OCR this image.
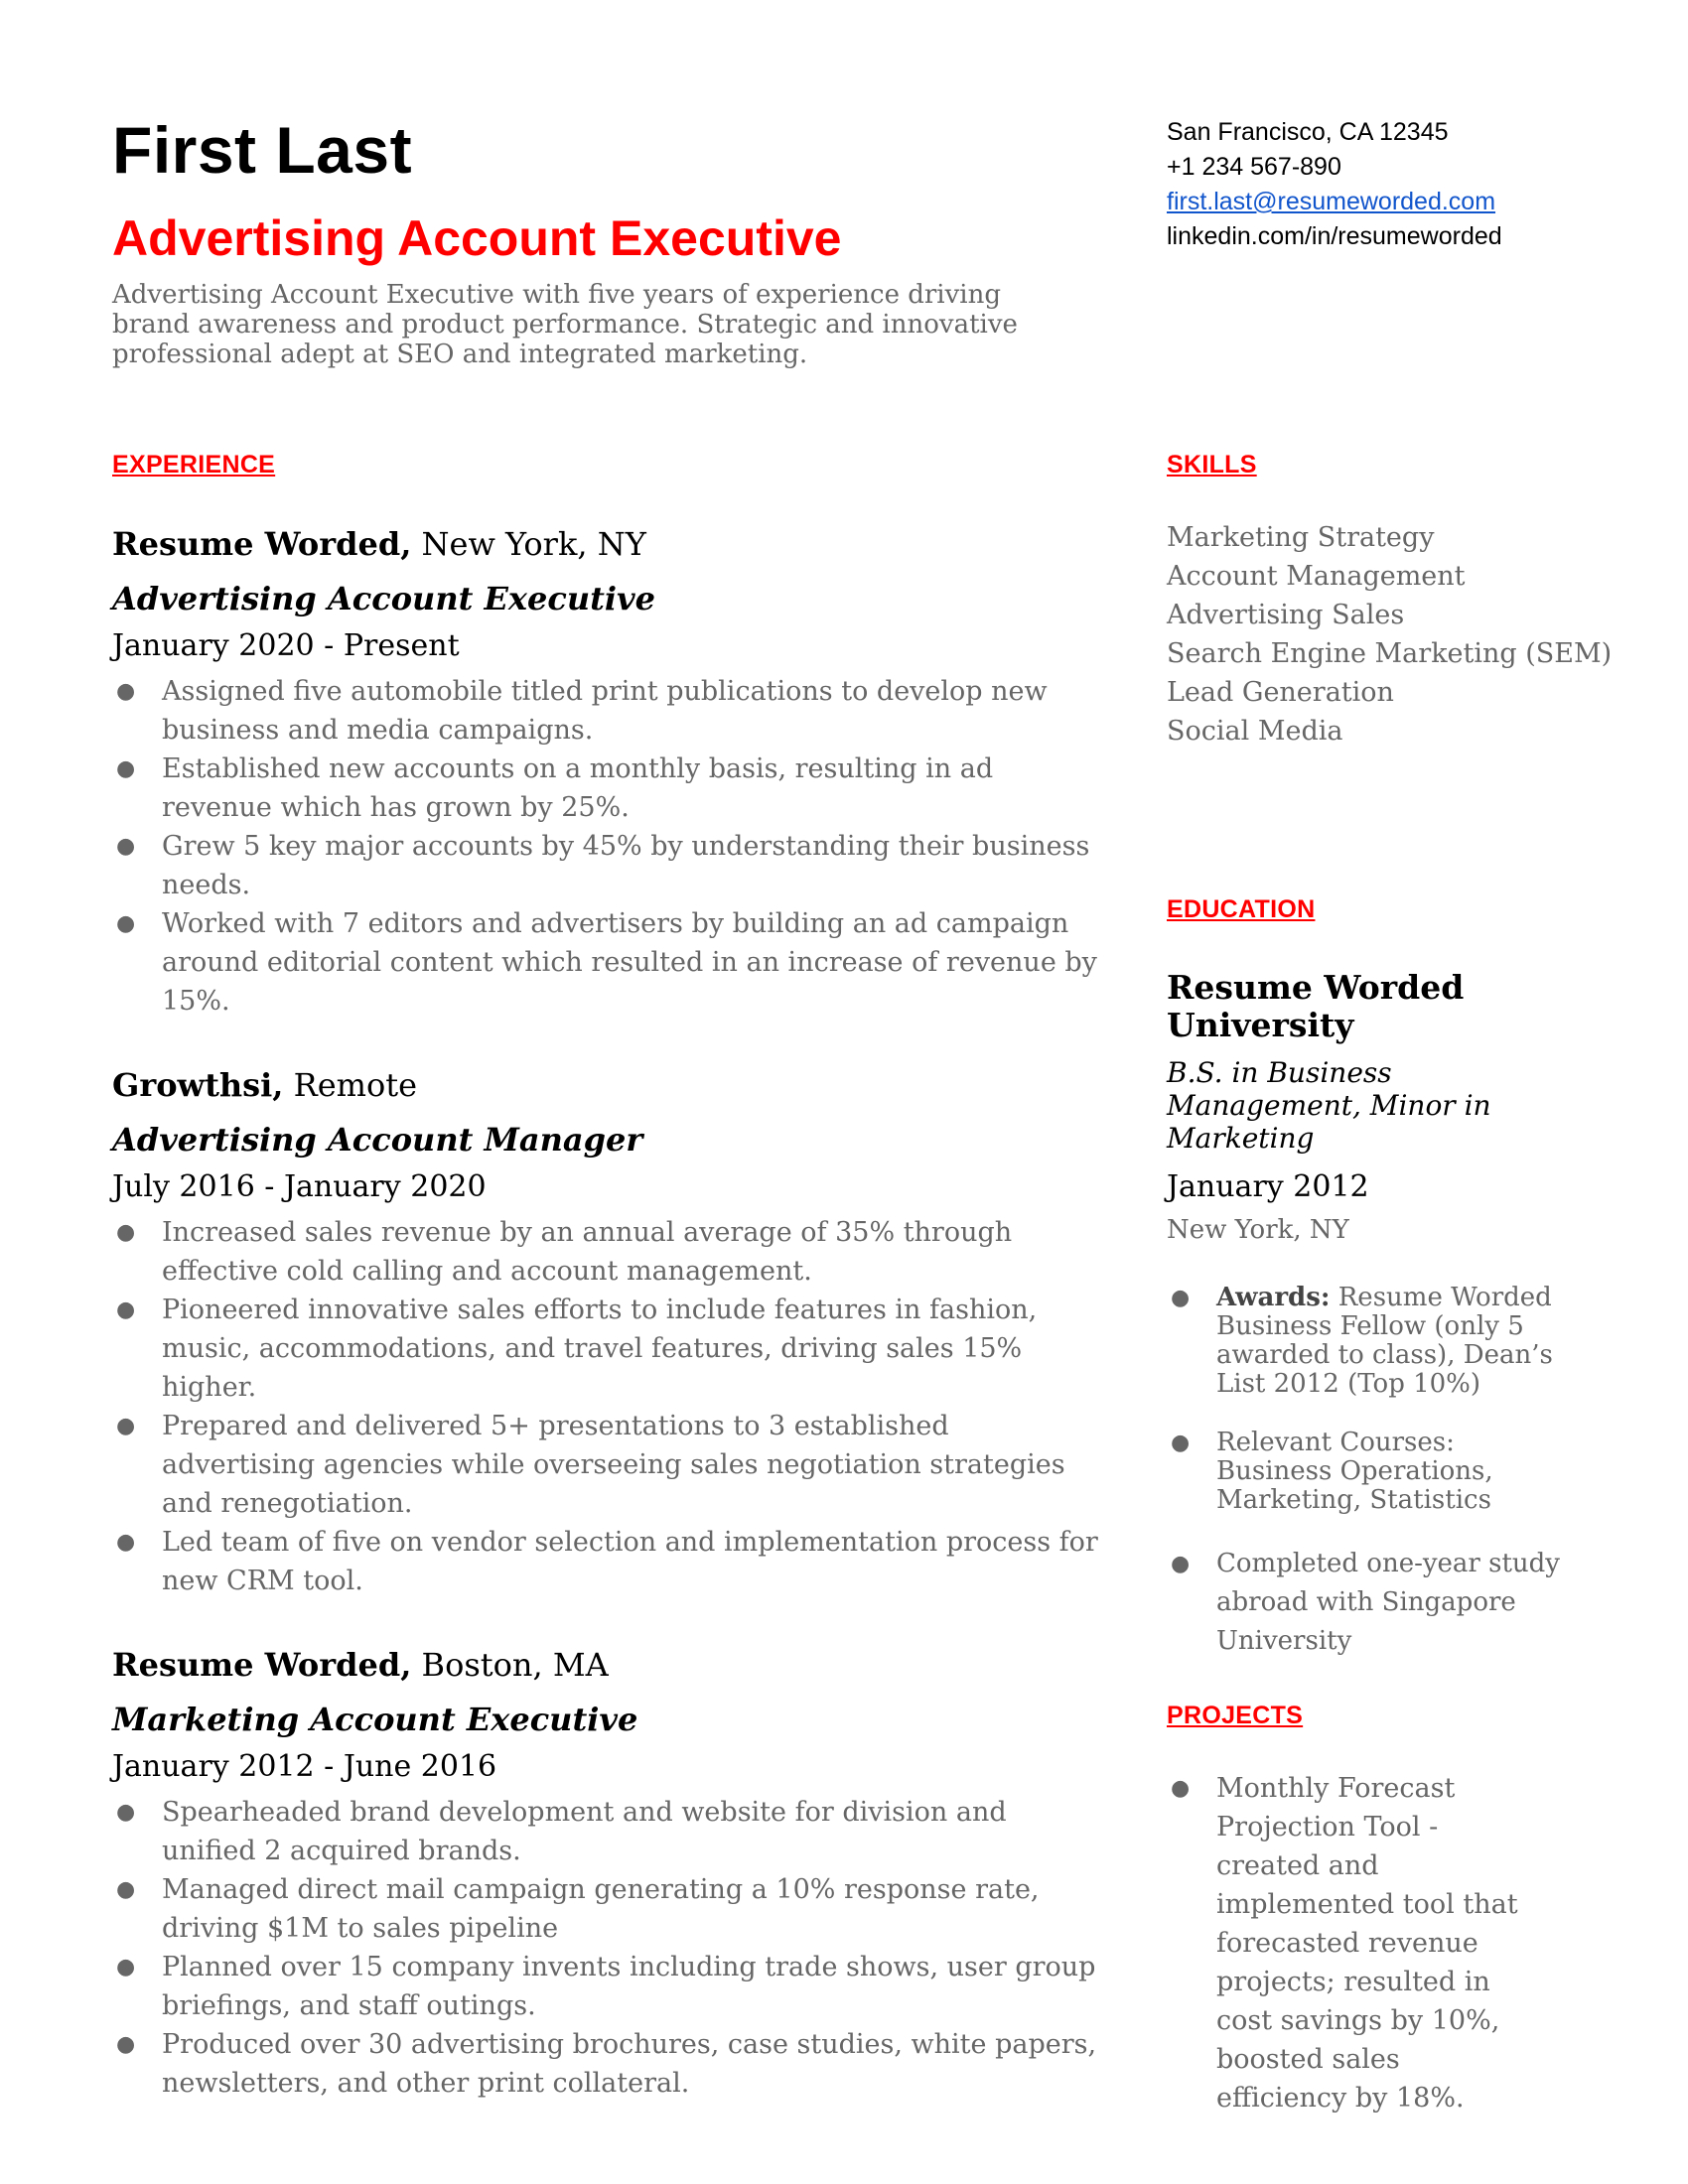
First Last
Advertising Account Executive
Advertising Account Executive with five years of experience driving brand awareness and product performance. Strategic and innovative professional adept at SEO and integrated marketing.
San Francisco, CA 12345
+1 234 567-890
first.last@resumeworded.com
linkedin.com/in/resumeworded
EXPERIENCE	SKILLS
EDUCATION
PROJECTS
Resume Worded, New York, NY
Advertising Account Executive
January 2020 - Present
● Assigned five automobile titled print publications to develop new business and media campaigns.
● Established new accounts on a monthly basis, resulting in ad revenue which has grown by 25%.
● Grew 5 key major accounts by 45% by understanding their business needs.
● Worked with 7 editors and advertisers by building an ad campaign around editorial content which resulted in an increase of revenue by 15%.
Growthsi, Remote
Advertising Account Manager
July 2016 - January 2020
● Increased sales revenue by an annual average of 35% through effective cold calling and account management.
● Pioneered innovative sales efforts to include features in fashion, music, accommodations, and travel features, driving sales 15% higher.
● Prepared and delivered 5+ presentations to 3 established advertising agencies while overseeing sales negotiation strategies and renegotiation.
● Led team of five on vendor selection and implementation process for new CRM tool.
Resume Worded, Boston, MA
Marketing Account Executive
January 2012 - June 2016
● Spearheaded brand development and website for division and unified 2 acquired brands.
● Managed direct mail campaign generating a 10% response rate, driving $1M to sales pipeline
● Planned over 15 company invents including trade shows, user group briefings, and staff outings.
● Produced over 30 advertising brochures, case studies, white papers, newsletters, and other print collateral.
Marketing Strategy
Account Management
Advertising Sales
Search Engine Marketing (SEM)
Lead Generation
Social Media
Resume Worded University
B.S. in Business Management, Minor in Marketing
January 2012
New York, NY
● Awards: Resume Worded Business Fellow (only 5 awarded to class), Dean’s List 2012 (Top 10%)
● Relevant Courses: Business Operations, Marketing, Statistics
● Completed one-year study abroad with Singapore University
● Monthly Forecast Projection Tool - created and implemented tool that forecasted revenue projects; resulted in cost savings by 10%, boosted sales efficiency by 18%.
